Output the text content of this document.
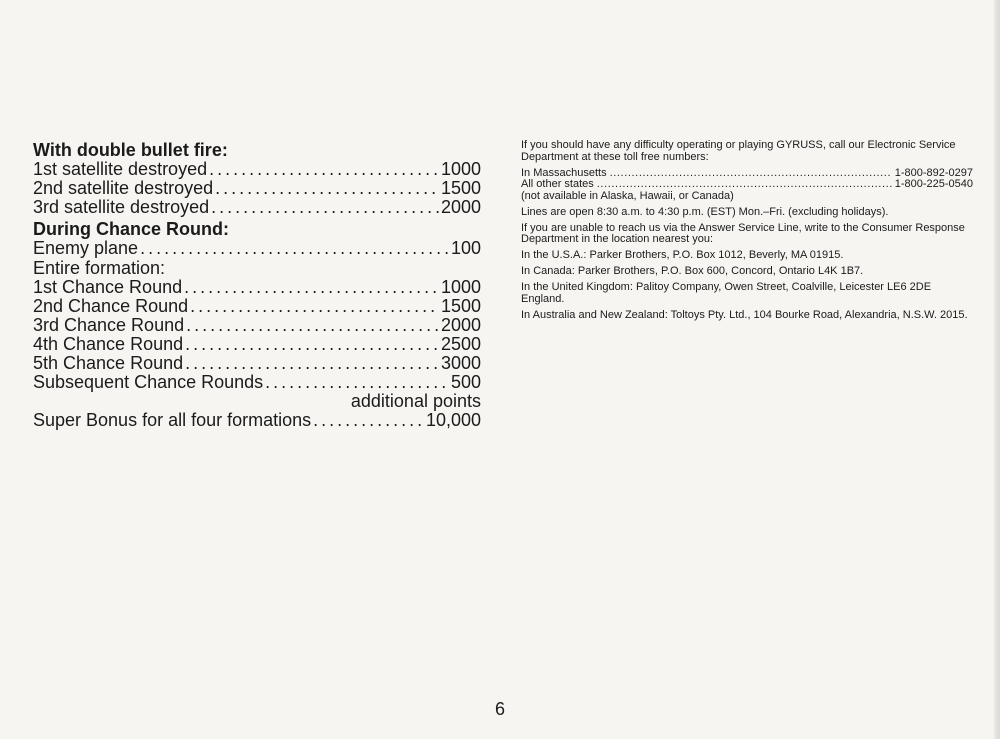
With double bullet fire:
1st satellite destroyed . . .	1000
2nd satellite destroyed . . .	1500
3rd satellite destroyed . . .	2000
During Chance Round:
Enemy plane . . .	100
Entire formation:
1st Chance Round . . .	1000
2nd Chance Round . . .	1500
3rd Chance Round . . .	2000
4th Chance Round . . .	2500
5th Chance Round . . .	3000
Subsequent Chance Rounds . . .	500
additional points
Super Bonus for all four formations . . .	10,000

If you should have any difficulty operating or playing GYRUSS, call our Electronic Service Department at these toll free numbers:

In Massachusetts .....	1-800-892-0297
All other states .....	1-800-225-0540

(not available in Alaska, Hawaii, or Canada)

Lines are open 8:30 a.m. to 4:30 p.m. (EST) Mon.–Fri. (excluding holidays).

If you are unable to reach us via the Answer Service Line, write to the Consumer Response Department in the location nearest you:

In the U.S.A.: Parker Brothers, P.O. Box 1012, Beverly, MA 01915.

In Canada: Parker Brothers, P.O. Box 600, Concord, Ontario L4K 1B7.

In the United Kingdom: Palitoy Company, Owen Street, Coalville, Leicester LE6 2DE England.

In Australia and New Zealand: Toltoys Pty. Ltd., 104 Bourke Road, Alexandria, N.S.W. 2015.

6
